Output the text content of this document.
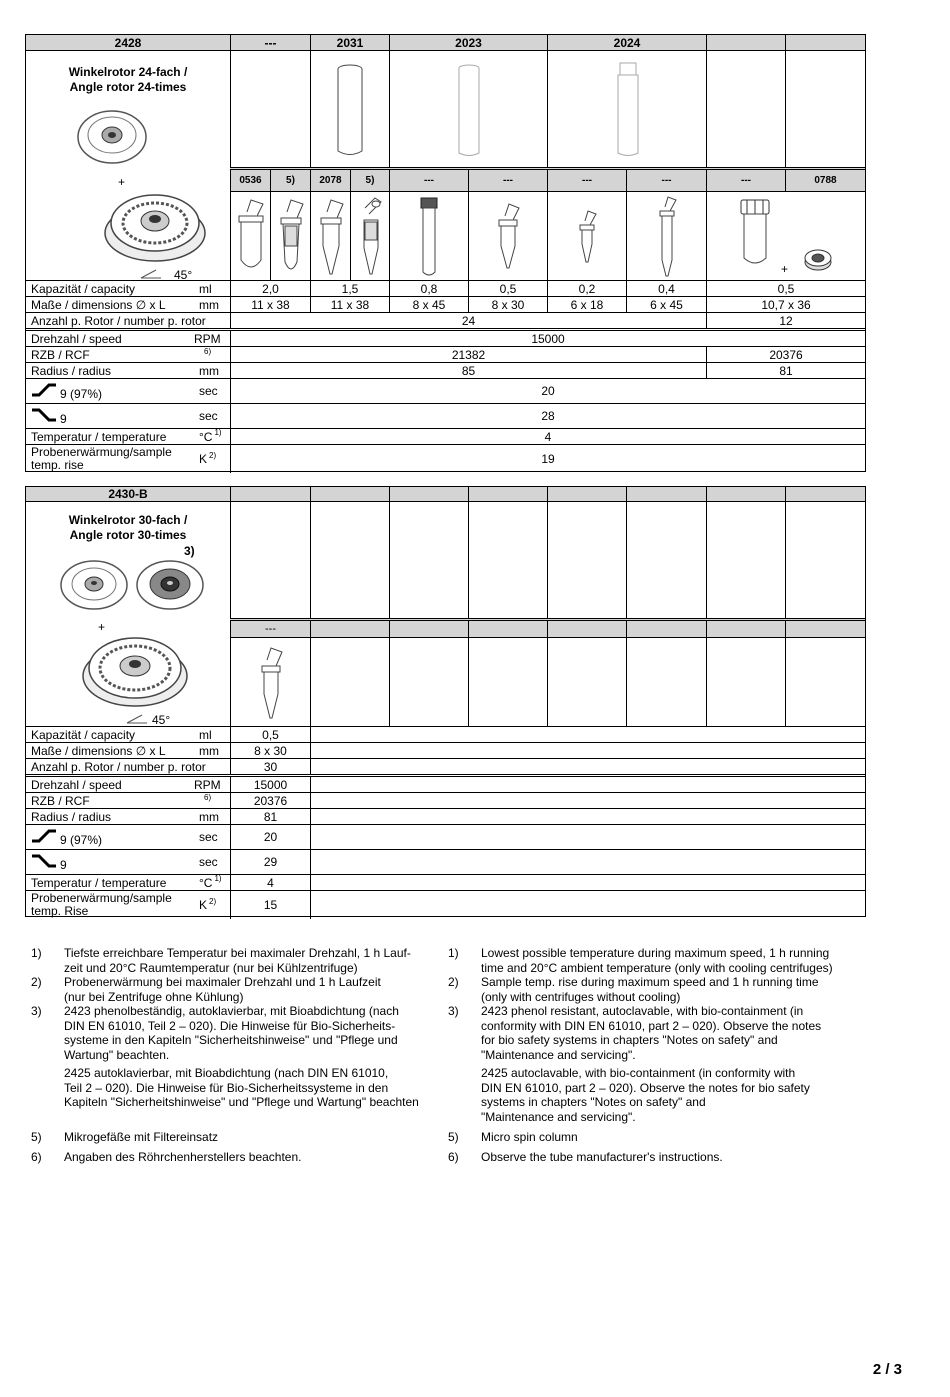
2428	---	2031	2023	2024
Winkelrotor 24-fach /
Angle rotor 24-times
+
45°
0536	5)	2078	5)	---	---	---	---	---	0788
+
Kapazität / capacity	ml	2,0	1,5	0,8	0,5	0,2	0,4	0,5
Maße / dimensions ∅ x L	mm	11 x 38	11 x 38	8 x 45	8 x 30	6 x 18	6 x 45	10,7 x 36
Anzahl p. Rotor / number p. rotor	24	12
Drehzahl / speed	RPM	15000
RZB / RCF	6)	21382	20376
Radius / radius	mm	85	81
9 (97%)	sec	20
9	sec	28
Temperatur / temperature	°C 1)	4
Probenerwärmung/sample
temp. rise	K 2)	19
2430-B
Winkelrotor 30-fach /
Angle rotor 30-times
3)
+
45°
---
Kapazität / capacity	ml	0,5
Maße / dimensions ∅ x L	mm	8 x 30
Anzahl p. Rotor / number p. rotor	30
Drehzahl / speed	RPM	15000
RZB / RCF	6)	20376
Radius / radius	mm	81
9 (97%)	sec	20
9	sec	29
Temperatur / temperature	°C 1)	4
Probenerwärmung/sample
temp. Rise	K 2)	15
1) Tiefste erreichbare Temperatur bei maximaler Drehzahl, 1 h Lauf-
zeit und 20°C Raumtemperatur (nur bei Kühlzentrifuge)
2) Probenerwärmung bei maximaler Drehzahl und 1 h Laufzeit
(nur bei Zentrifuge ohne Kühlung)
3) 2423 phenolbeständig, autoklavierbar, mit Bioabdichtung (nach
DIN EN 61010, Teil 2 – 020). Die Hinweise für Bio-Sicherheits-
systeme in den Kapiteln "Sicherheitshinweise" und "Pflege und
Wartung" beachten.
2425 autoklavierbar, mit Bioabdichtung (nach DIN EN 61010,
Teil 2 – 020). Die Hinweise für Bio-Sicherheitssysteme in den
Kapiteln "Sicherheitshinweise" und "Pflege und Wartung" beachten
5) Mikrogefäße mit Filtereinsatz
6) Angaben des Röhrchenherstellers beachten.
1) Lowest possible temperature during maximum speed, 1 h running
time and 20°C ambient temperature (only with cooling centrifuges)
2) Sample temp. rise during maximum speed and 1 h running time
(only with centrifuges without cooling)
3) 2423 phenol resistant, autoclavable, with bio-containment (in
conformity with DIN EN 61010, part 2 – 020). Observe the notes
for bio safety systems in chapters "Notes on safety" and
"Maintenance and servicing".
2425 autoclavable, with bio-containment (in conformity with
DIN EN 61010, part 2 – 020). Observe the notes for bio safety
systems in chapters "Notes on safety" and
"Maintenance and servicing".
5) Micro spin column
6) Observe the tube manufacturer's instructions.
2 / 3
